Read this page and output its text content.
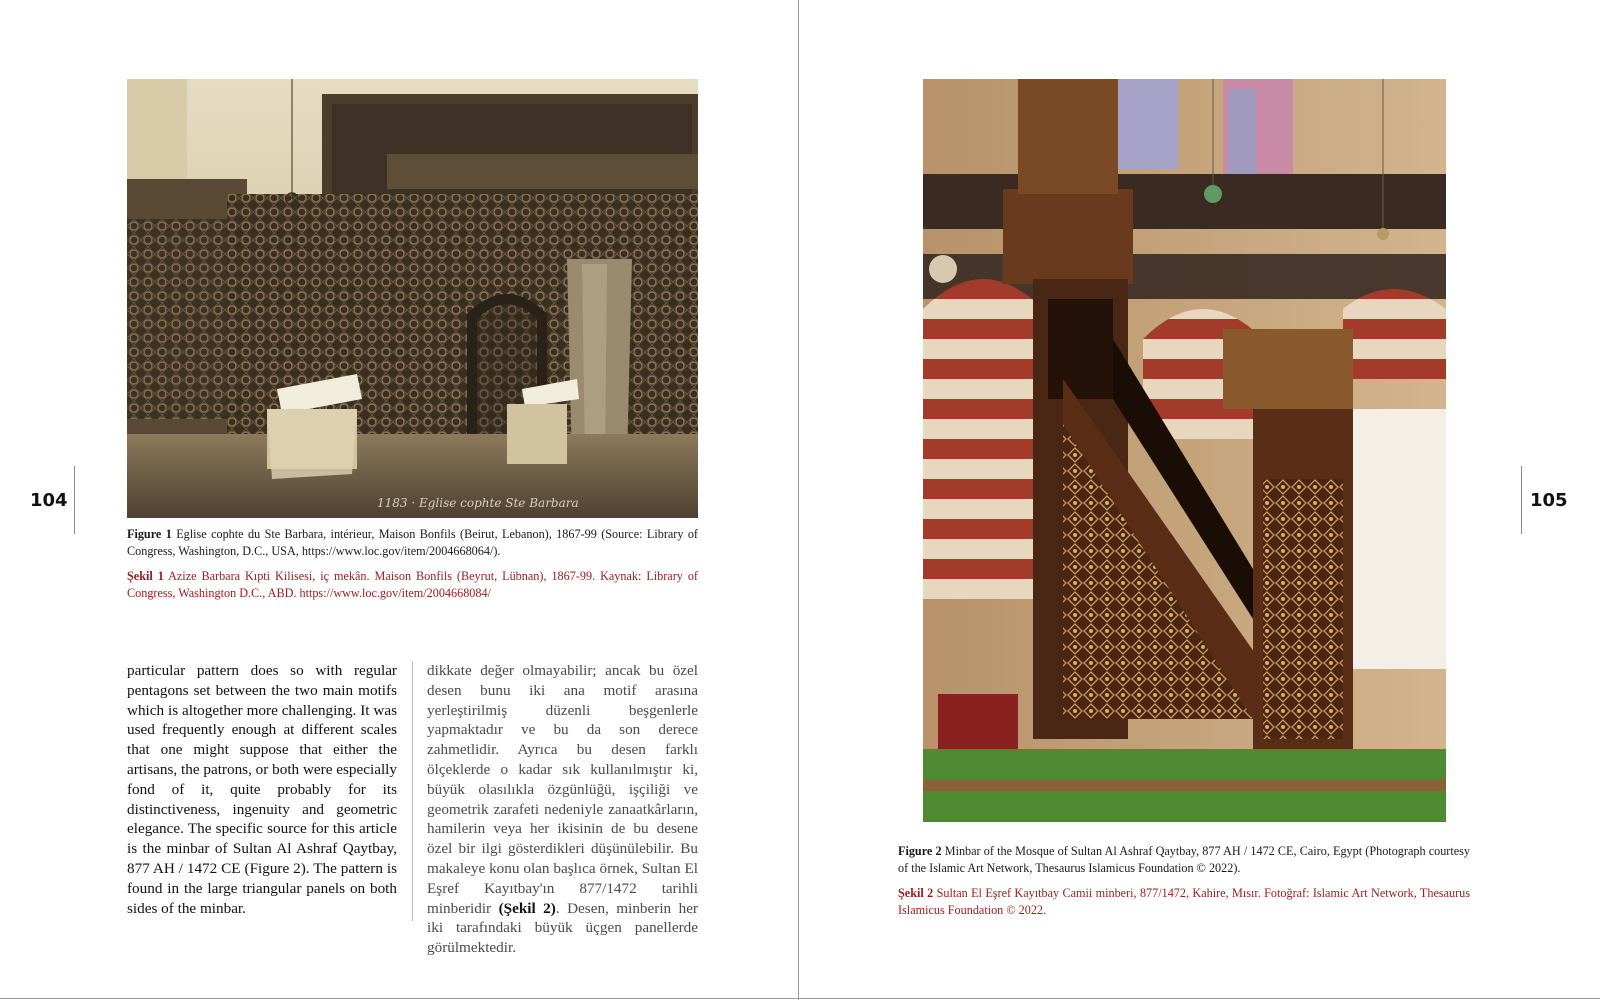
104	105
1183 · Eglise cophte Ste Barbara
Figure 1 Eglise cophte du Ste Barbara, intérieur, Maison Bonfils (Beirut, Lebanon), 1867-99 (Source: Library of Congress, Washington, D.C., USA, https://www.loc.gov/item/2004668064/).
Şekil 1 Azize Barbara Kıpti Kilisesi, iç mekân. Maison Bonfils (Beyrut, Lübnan), 1867-99. Kaynak: Library of Congress, Washington D.C., ABD. https://www.loc.gov/item/2004668084/
particular pattern does so with regular pentagons set between the two main motifs which is altogether more challenging. It was used frequently enough at different scales that one might suppose that either the artisans, the patrons, or both were especially fond of it, quite probably for its distinctiveness, ingenuity and geometric elegance. The specific source for this article is the minbar of Sultan Al Ashraf Qaytbay, 877 AH / 1472 CE (Figure 2). The pattern is found in the large triangular panels on both sides of the minbar.
dikkate değer olmayabilir; ancak bu özel desen bunu iki ana motif arasına yerleştirilmiş düzenli beşgenlerle yapmaktadır ve bu da son derece zahmetlidir. Ayrıca bu desen farklı ölçeklerde o kadar sık kullanılmıştır ki, büyük olasılıkla özgünlüğü, işçiliği ve geometrik zarafeti nedeniyle zanaatkârların, hamilerin veya her ikisinin de bu desene özel bir ilgi gösterdikleri düşünülebilir. Bu makaleye konu olan başlıca örnek, Sultan El Eşref Kayıtbay'ın 877/1472 tarihli minberidir (Şekil 2). Desen, minberin her iki tarafındaki büyük üçgen panellerde görülmektedir.
Figure 2 Minbar of the Mosque of Sultan Al Ashraf Qaytbay, 877 AH / 1472 CE, Cairo, Egypt (Photograph courtesy of the Islamic Art Network, Thesaurus Islamicus Foundation © 2022).
Şekil 2 Sultan El Eşref Kayıtbay Camii minberi, 877/1472, Kahire, Mısır. Fotoğraf: Islamic Art Network, Thesaurus Islamicus Foundation © 2022.
